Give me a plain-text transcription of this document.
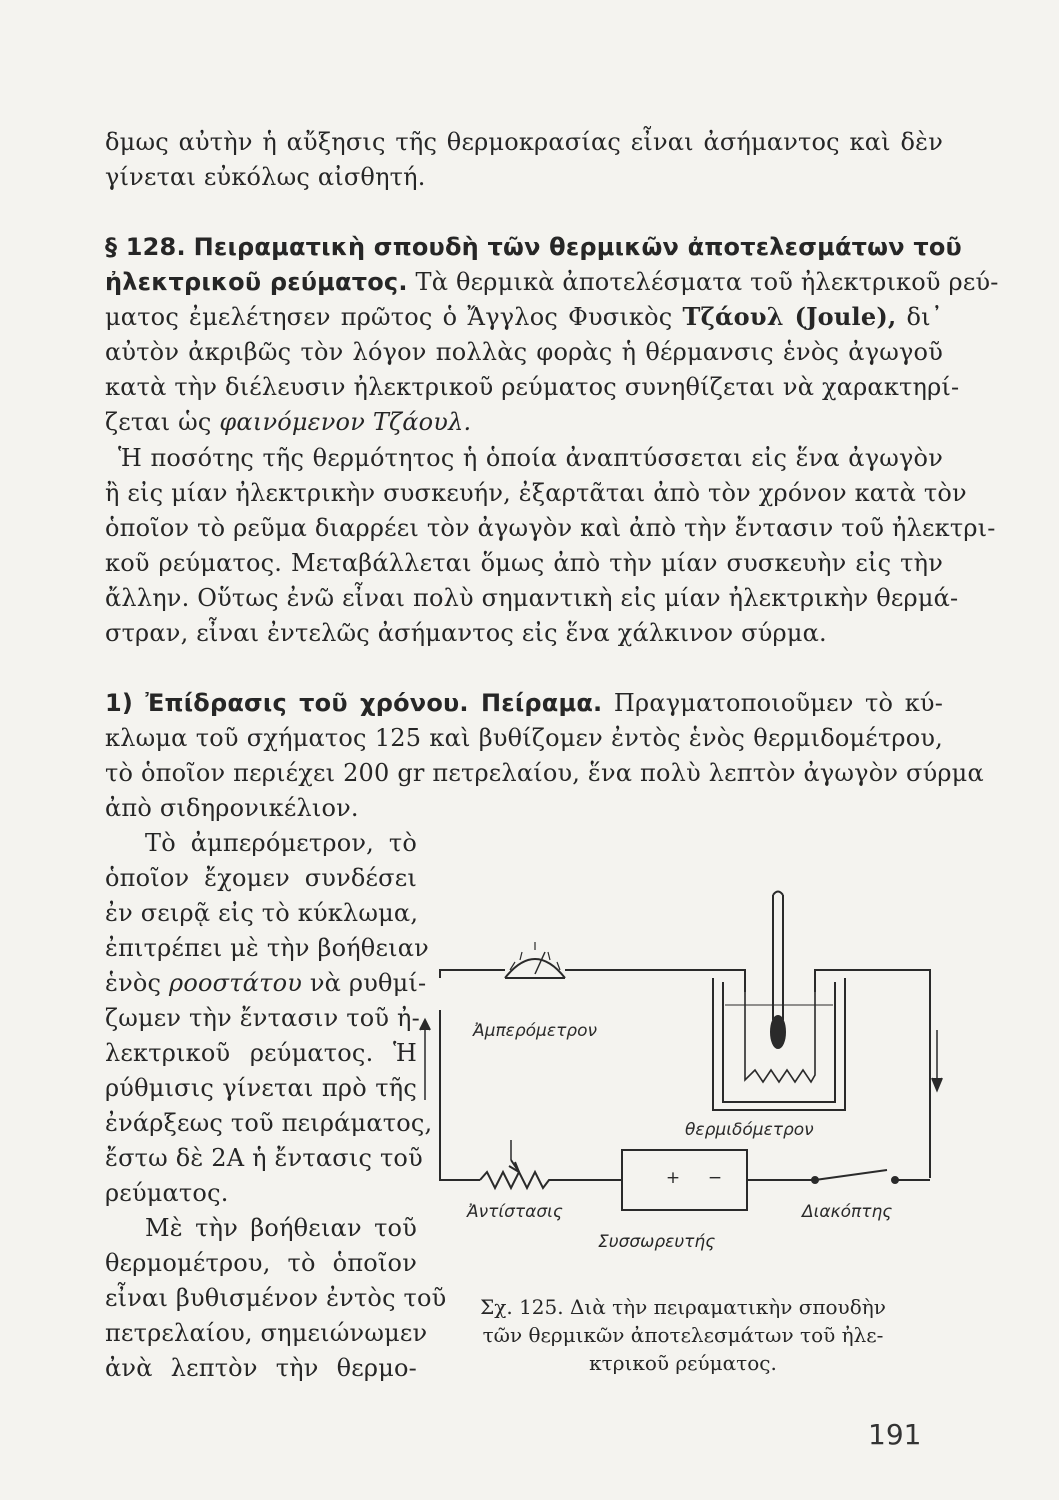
δμως αὐτὴν ἡ αὔξησις τῆς θερμοκρασίας εἶναι ἀσήμαντος καὶ δὲν
γίνεται εὐκόλως αἰσθητή.
§ 128. Πειραματικὴ σπουδὴ τῶν θερμικῶν ἀποτελεσμάτων τοῦ
ἠλεκτρικοῦ ρεύματος. Τὰ θερμικὰ ἀποτελέσματα τοῦ ἠλεκτρικοῦ ρεύ-
ματος ἐμελέτησεν πρῶτος ὁ Ἄγγλος Φυσικὸς Τζάουλ (Joule), δι᾿
αὐτὸν ἀκριβῶς τὸν λόγον πολλὰς φορὰς ἡ θέρμανσις ἑνὸς ἀγωγοῦ
κατὰ τὴν διέλευσιν ἠλεκτρικοῦ ρεύματος συνηθίζεται νὰ χαρακτηρί-
ζεται ὡς φαινόμενον Τζάουλ.
Ἡ ποσότης τῆς θερμότητος ἡ ὁποία ἀναπτύσσεται εἰς ἕνα ἀγωγὸν
ἢ εἰς μίαν ἠλεκτρικὴν συσκευήν, ἐξαρτᾶται ἀπὸ τὸν χρόνον κατὰ τὸν
ὁποῖον τὸ ρεῦμα διαρρέει τὸν ἀγωγὸν καὶ ἀπὸ τὴν ἔντασιν τοῦ ἠλεκτρι-
κοῦ ρεύματος. Μεταβάλλεται ὅμως ἀπὸ τὴν μίαν συσκευὴν εἰς τὴν
ἄλλην. Οὕτως ἐνῶ εἶναι πολὺ σημαντικὴ εἰς μίαν ἠλεκτρικὴν θερμά-
στραν, εἶναι ἐντελῶς ἀσήμαντος εἰς ἕνα χάλκινον σύρμα.
1) Ἐπίδρασις τοῦ χρόνου. Πείραμα. Πραγματοποιοῦμεν τὸ κύ-
κλωμα τοῦ σχήματος 125 καὶ βυθίζομεν ἐντὸς ἑνὸς θερμιδομέτρου,
τὸ ὁποῖον περιέχει 200 gr πετρελαίου, ἕνα πολὺ λεπτὸν ἀγωγὸν σύρμα
ἀπὸ σιδηρονικέλιον.
Τὸ ἀμπερόμετρον, τὸ
ὁποῖον ἔχομεν συνδέσει
ἐν σειρᾷ εἰς τὸ κύκλωμα,
ἐπιτρέπει μὲ τὴν βοήθειαν
ἑνὸς ροοστάτου νὰ ρυθμί-
ζωμεν τὴν ἔντασιν τοῦ ἠ-
λεκτρικοῦ ρεύματος. Ἡ
ρύθμισις γίνεται πρὸ τῆς
ἐνάρξεως τοῦ πειράματος,
ἔστω δὲ 2Α ἡ ἔντασις τοῦ
ρεύματος.
Μὲ τὴν βοήθειαν τοῦ
θερμομέτρου, τὸ ὁποῖον
εἶναι βυθισμένον ἐντὸς τοῦ
πετρελαίου, σημειώνωμεν
ἀνὰ λεπτὸν τὴν θερμο-
+ −
Ἀμπερόμετρον
θερμιδόμετρον
Ἀντίστασις	Διακόπτης
Συσσωρευτής
Σχ. 125. Διὰ τὴν πειραματικὴν σπουδὴν
τῶν θερμικῶν ἀποτελεσμάτων τοῦ ἠλε-
κτρικοῦ ρεύματος.
191
